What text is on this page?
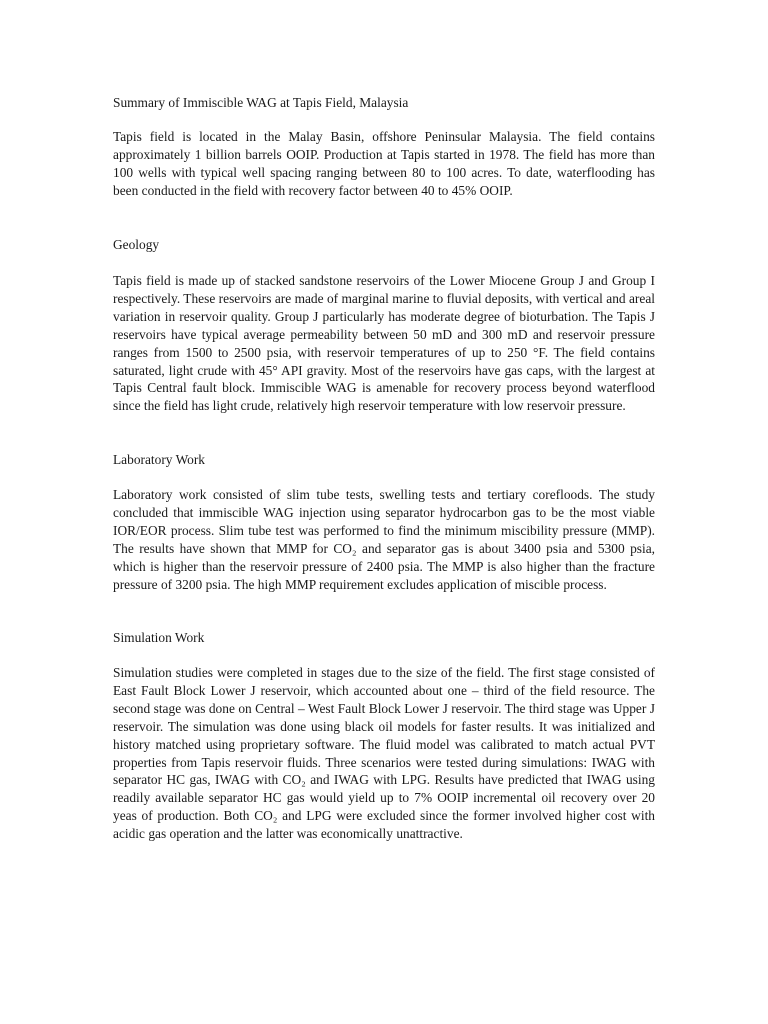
Summary of Immiscible WAG at Tapis Field, Malaysia

Tapis field is located in the Malay Basin, offshore Peninsular Malaysia. The field contains approximately 1 billion barrels OOIP. Production at Tapis started in 1978. The field has more than 100 wells with typical well spacing ranging between 80 to 100 acres. To date, waterflooding has been conducted in the field with recovery factor between 40 to 45% OOIP.

Geology

Tapis field is made up of stacked sandstone reservoirs of the Lower Miocene Group J and Group I respectively. These reservoirs are made of marginal marine to fluvial deposits, with vertical and areal variation in reservoir quality. Group J particularly has moderate degree of bioturbation. The Tapis J reservoirs have typical average permeability between 50 mD and 300 mD and reservoir pressure ranges from 1500 to 2500 psia, with reservoir temperatures of up to 250 °F. The field contains saturated, light crude with 45° API gravity. Most of the reservoirs have gas caps, with the largest at Tapis Central fault block. Immiscible WAG is amenable for recovery process beyond waterflood since the field has light crude, relatively high reservoir temperature with low reservoir pressure.

Laboratory Work

Laboratory work consisted of slim tube tests, swelling tests and tertiary corefloods. The study concluded that immiscible WAG injection using separator hydrocarbon gas to be the most viable IOR/EOR process. Slim tube test was performed to find the minimum miscibility pressure (MMP). The results have shown that MMP for CO₂ and separator gas is about 3400 psia and 5300 psia, which is higher than the reservoir pressure of 2400 psia. The MMP is also higher than the fracture pressure of 3200 psia. The high MMP requirement excludes application of miscible process.

Simulation Work

Simulation studies were completed in stages due to the size of the field. The first stage consisted of East Fault Block Lower J reservoir, which accounted about one – third of the field resource. The second stage was done on Central – West Fault Block Lower J reservoir. The third stage was Upper J reservoir. The simulation was done using black oil models for faster results. It was initialized and history matched using proprietary software. The fluid model was calibrated to match actual PVT properties from Tapis reservoir fluids. Three scenarios were tested during simulations: IWAG with separator HC gas, IWAG with CO₂ and IWAG with LPG. Results have predicted that IWAG using readily available separator HC gas would yield up to 7% OOIP incremental oil recovery over 20 yeas of production. Both CO₂ and LPG were excluded since the former involved higher cost with acidic gas operation and the latter was economically unattractive.
